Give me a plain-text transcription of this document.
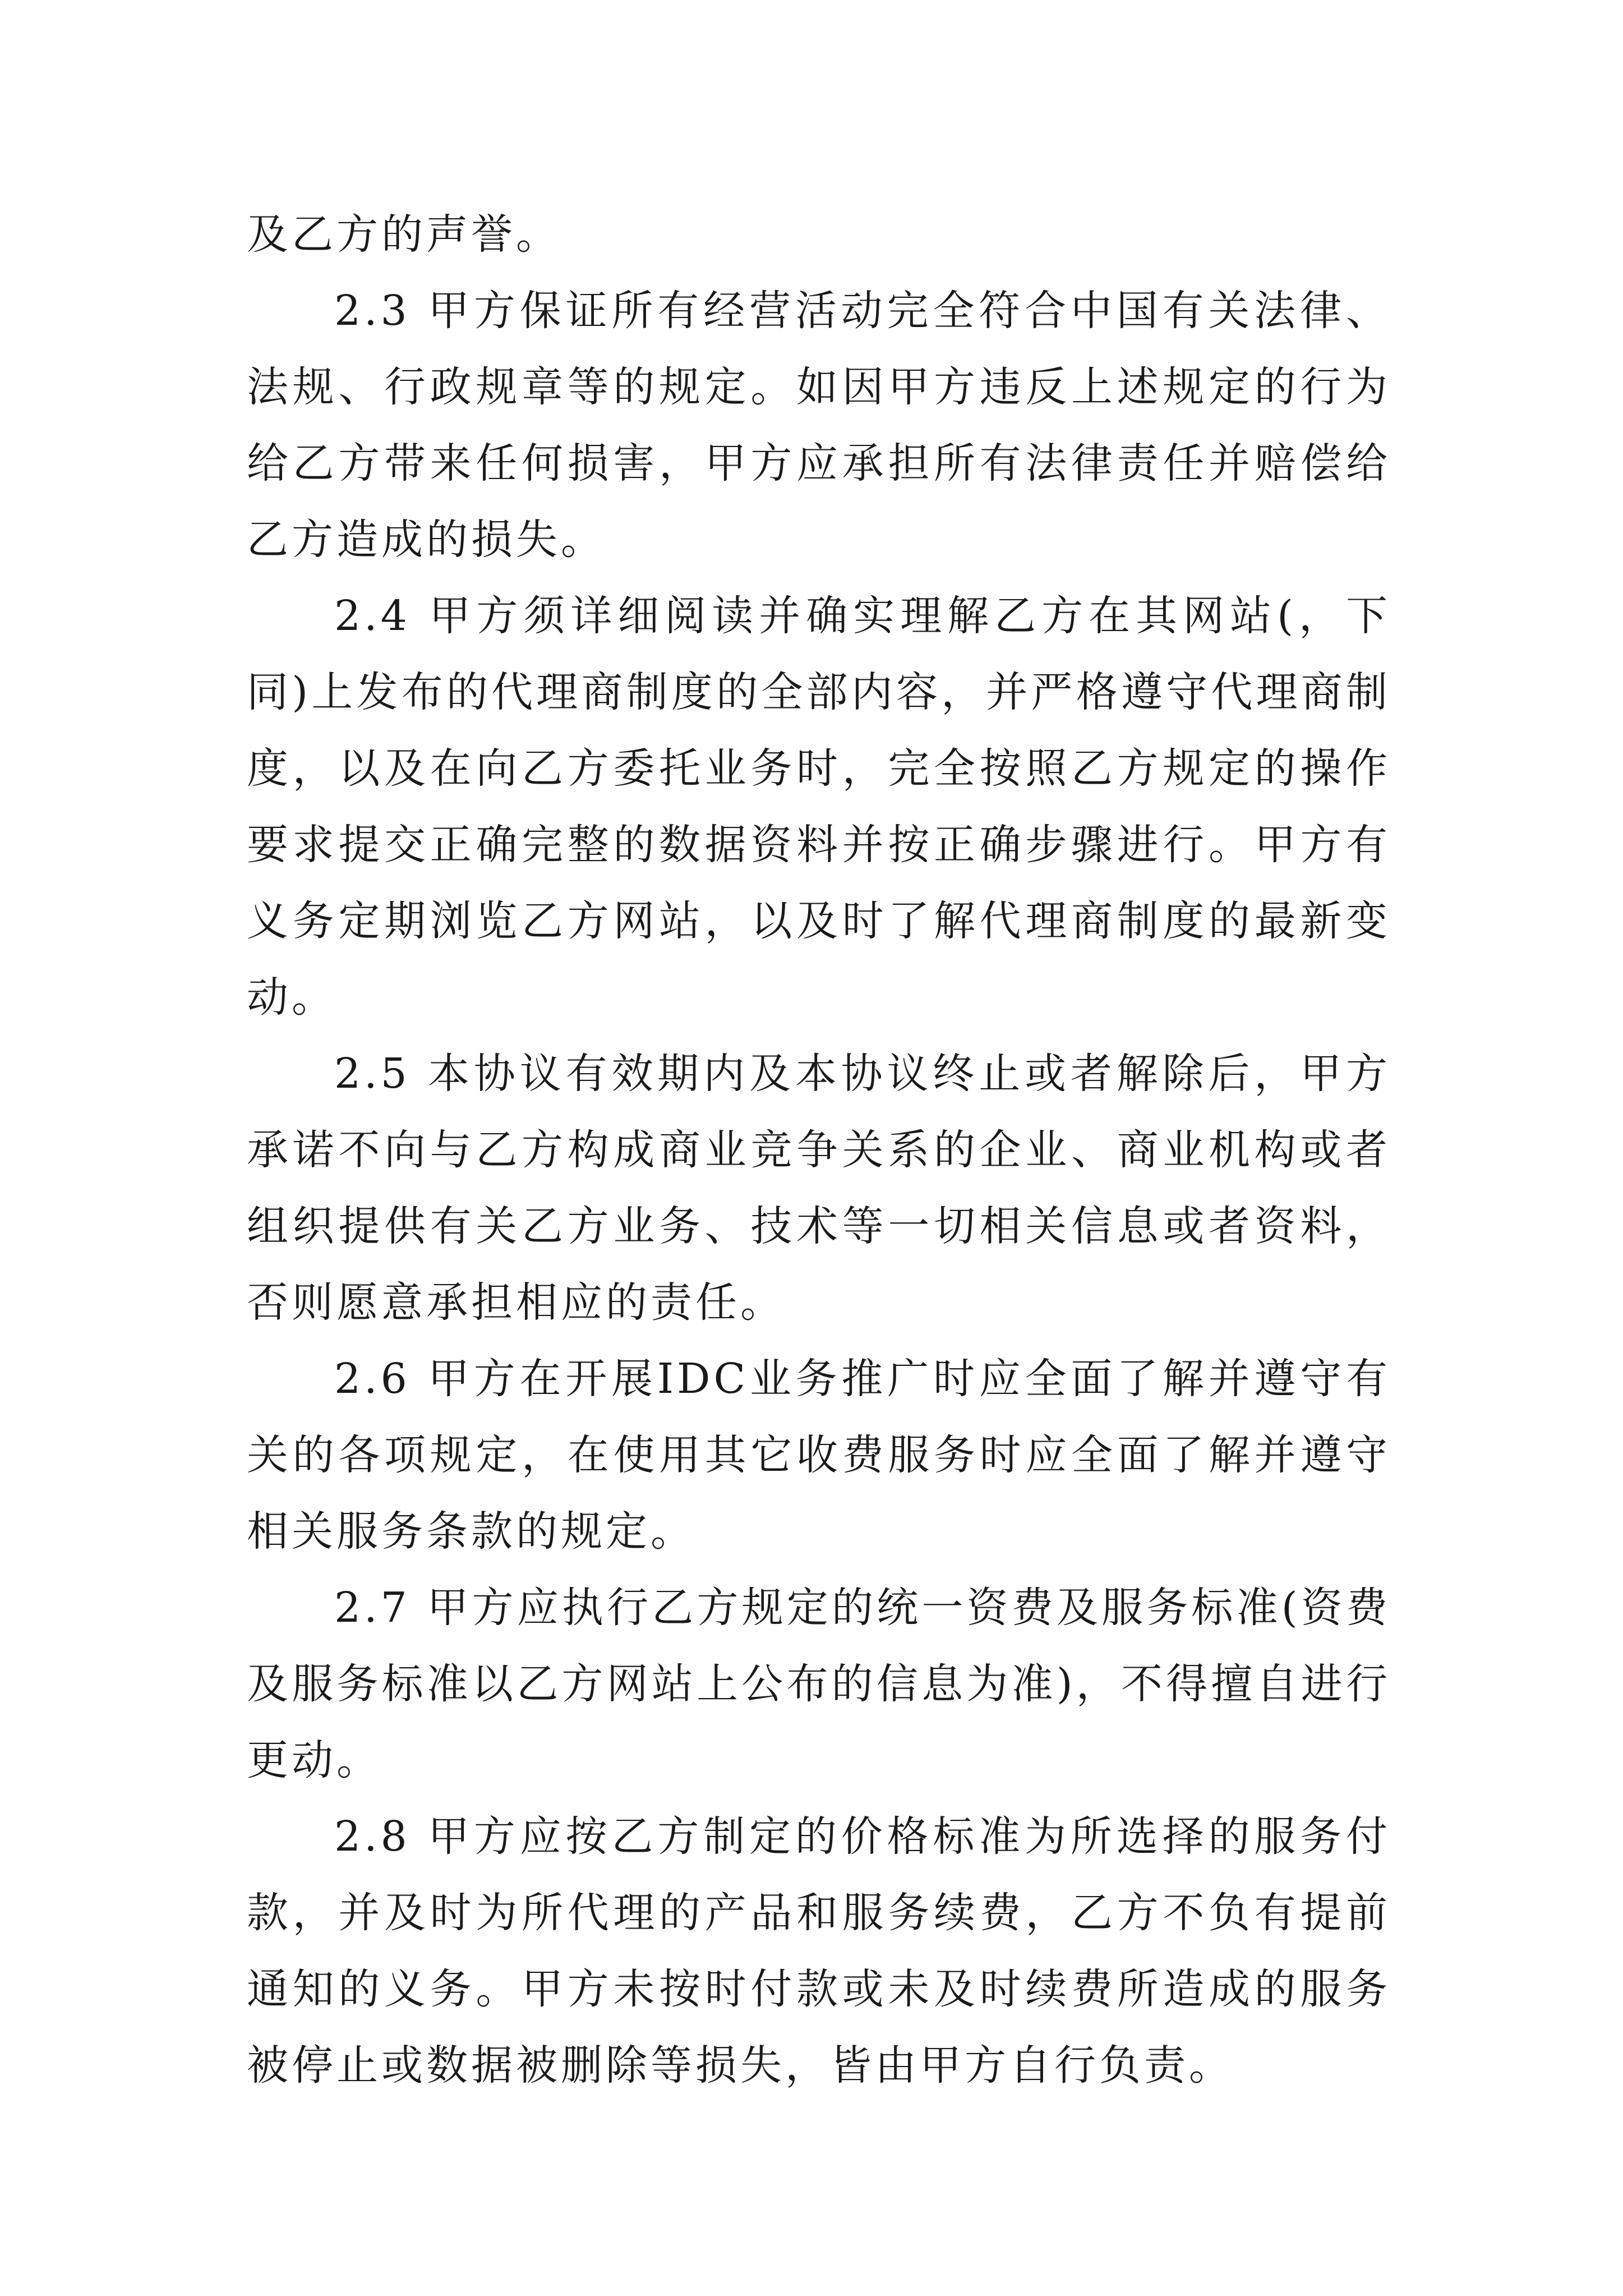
及乙方的声誉。

2.3 甲方保证所有经营活动完全符合中国有关法律、法规、行政规章等的规定。如因甲方违反上述规定的行为给乙方带来任何损害，甲方应承担所有法律责任并赔偿给乙方造成的损失。

2.4 甲方须详细阅读并确实理解乙方在其网站(，下同)上发布的代理商制度的全部内容，并严格遵守代理商制度，以及在向乙方委托业务时，完全按照乙方规定的操作要求提交正确完整的数据资料并按正确步骤进行。甲方有义务定期浏览乙方网站，以及时了解代理商制度的最新变动。

2.5 本协议有效期内及本协议终止或者解除后，甲方承诺不向与乙方构成商业竞争关系的企业、商业机构或者组织提供有关乙方业务、技术等一切相关信息或者资料，否则愿意承担相应的责任。

2.6 甲方在开展IDC业务推广时应全面了解并遵守有关的各项规定，在使用其它收费服务时应全面了解并遵守相关服务条款的规定。

2.7 甲方应执行乙方规定的统一资费及服务标准(资费及服务标准以乙方网站上公布的信息为准)，不得擅自进行更动。

2.8 甲方应按乙方制定的价格标准为所选择的服务付款，并及时为所代理的产品和服务续费，乙方不负有提前通知的义务。甲方未按时付款或未及时续费所造成的服务被停止或数据被删除等损失，皆由甲方自行负责。
